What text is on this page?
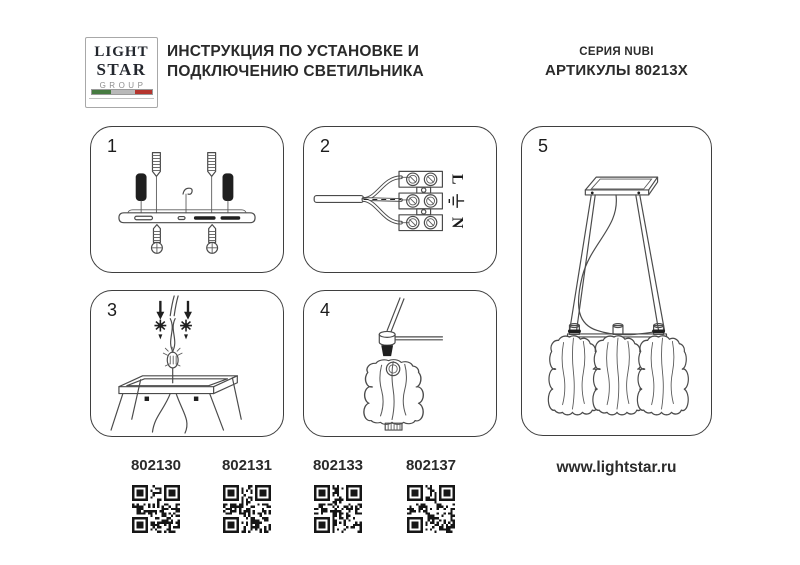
LIGHT
STAR
GROUP
ИНСТРУКЦИЯ ПО УСТАНОВКЕ И
ПОДКЛЮЧЕНИЮ СВЕТИЛЬНИКА
СЕРИЯ NUBI
АРТИКУЛЫ 80213X
1
L
N
2
3	4
5
802130	802131	802133	802137	www.lightstar.ru
